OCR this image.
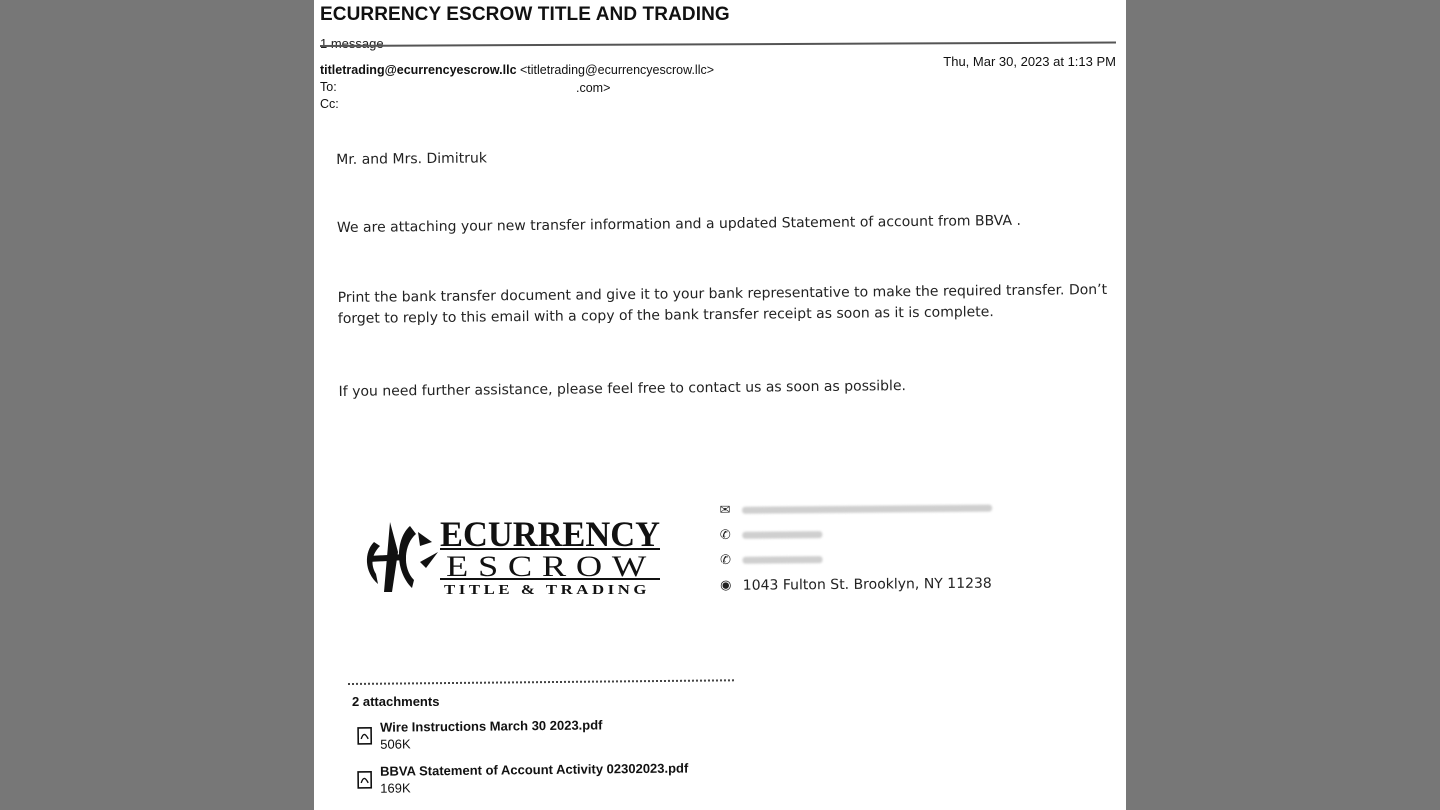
ECURRENCY ESCROW TITLE AND TRADING
1 message
Thu, Mar 30, 2023 at 1:13 PM
titletrading@ecurrencyescrow.llc <titletrading@ecurrencyescrow.llc>
To:	.com>
Cc:

Mr. and Mrs. Dimitruk

We are attaching your new transfer information and a updated Statement of account from BBVA .

Print the bank transfer document and give it to your bank representative to make the required transfer. Don’t forget to reply to this email with a copy of the bank transfer receipt as soon as it is complete.

If you need further assistance, please feel free to contact us as soon as possible.

ECURRENCY
ESCROW
TITLE & TRADING
✉
✆
✆
◉ 1043 Fulton St. Brooklyn, NY 11238
2 attachments
Wire Instructions March 30 2023.pdf
506K
BBVA Statement of Account Activity 02302023.pdf
169K
